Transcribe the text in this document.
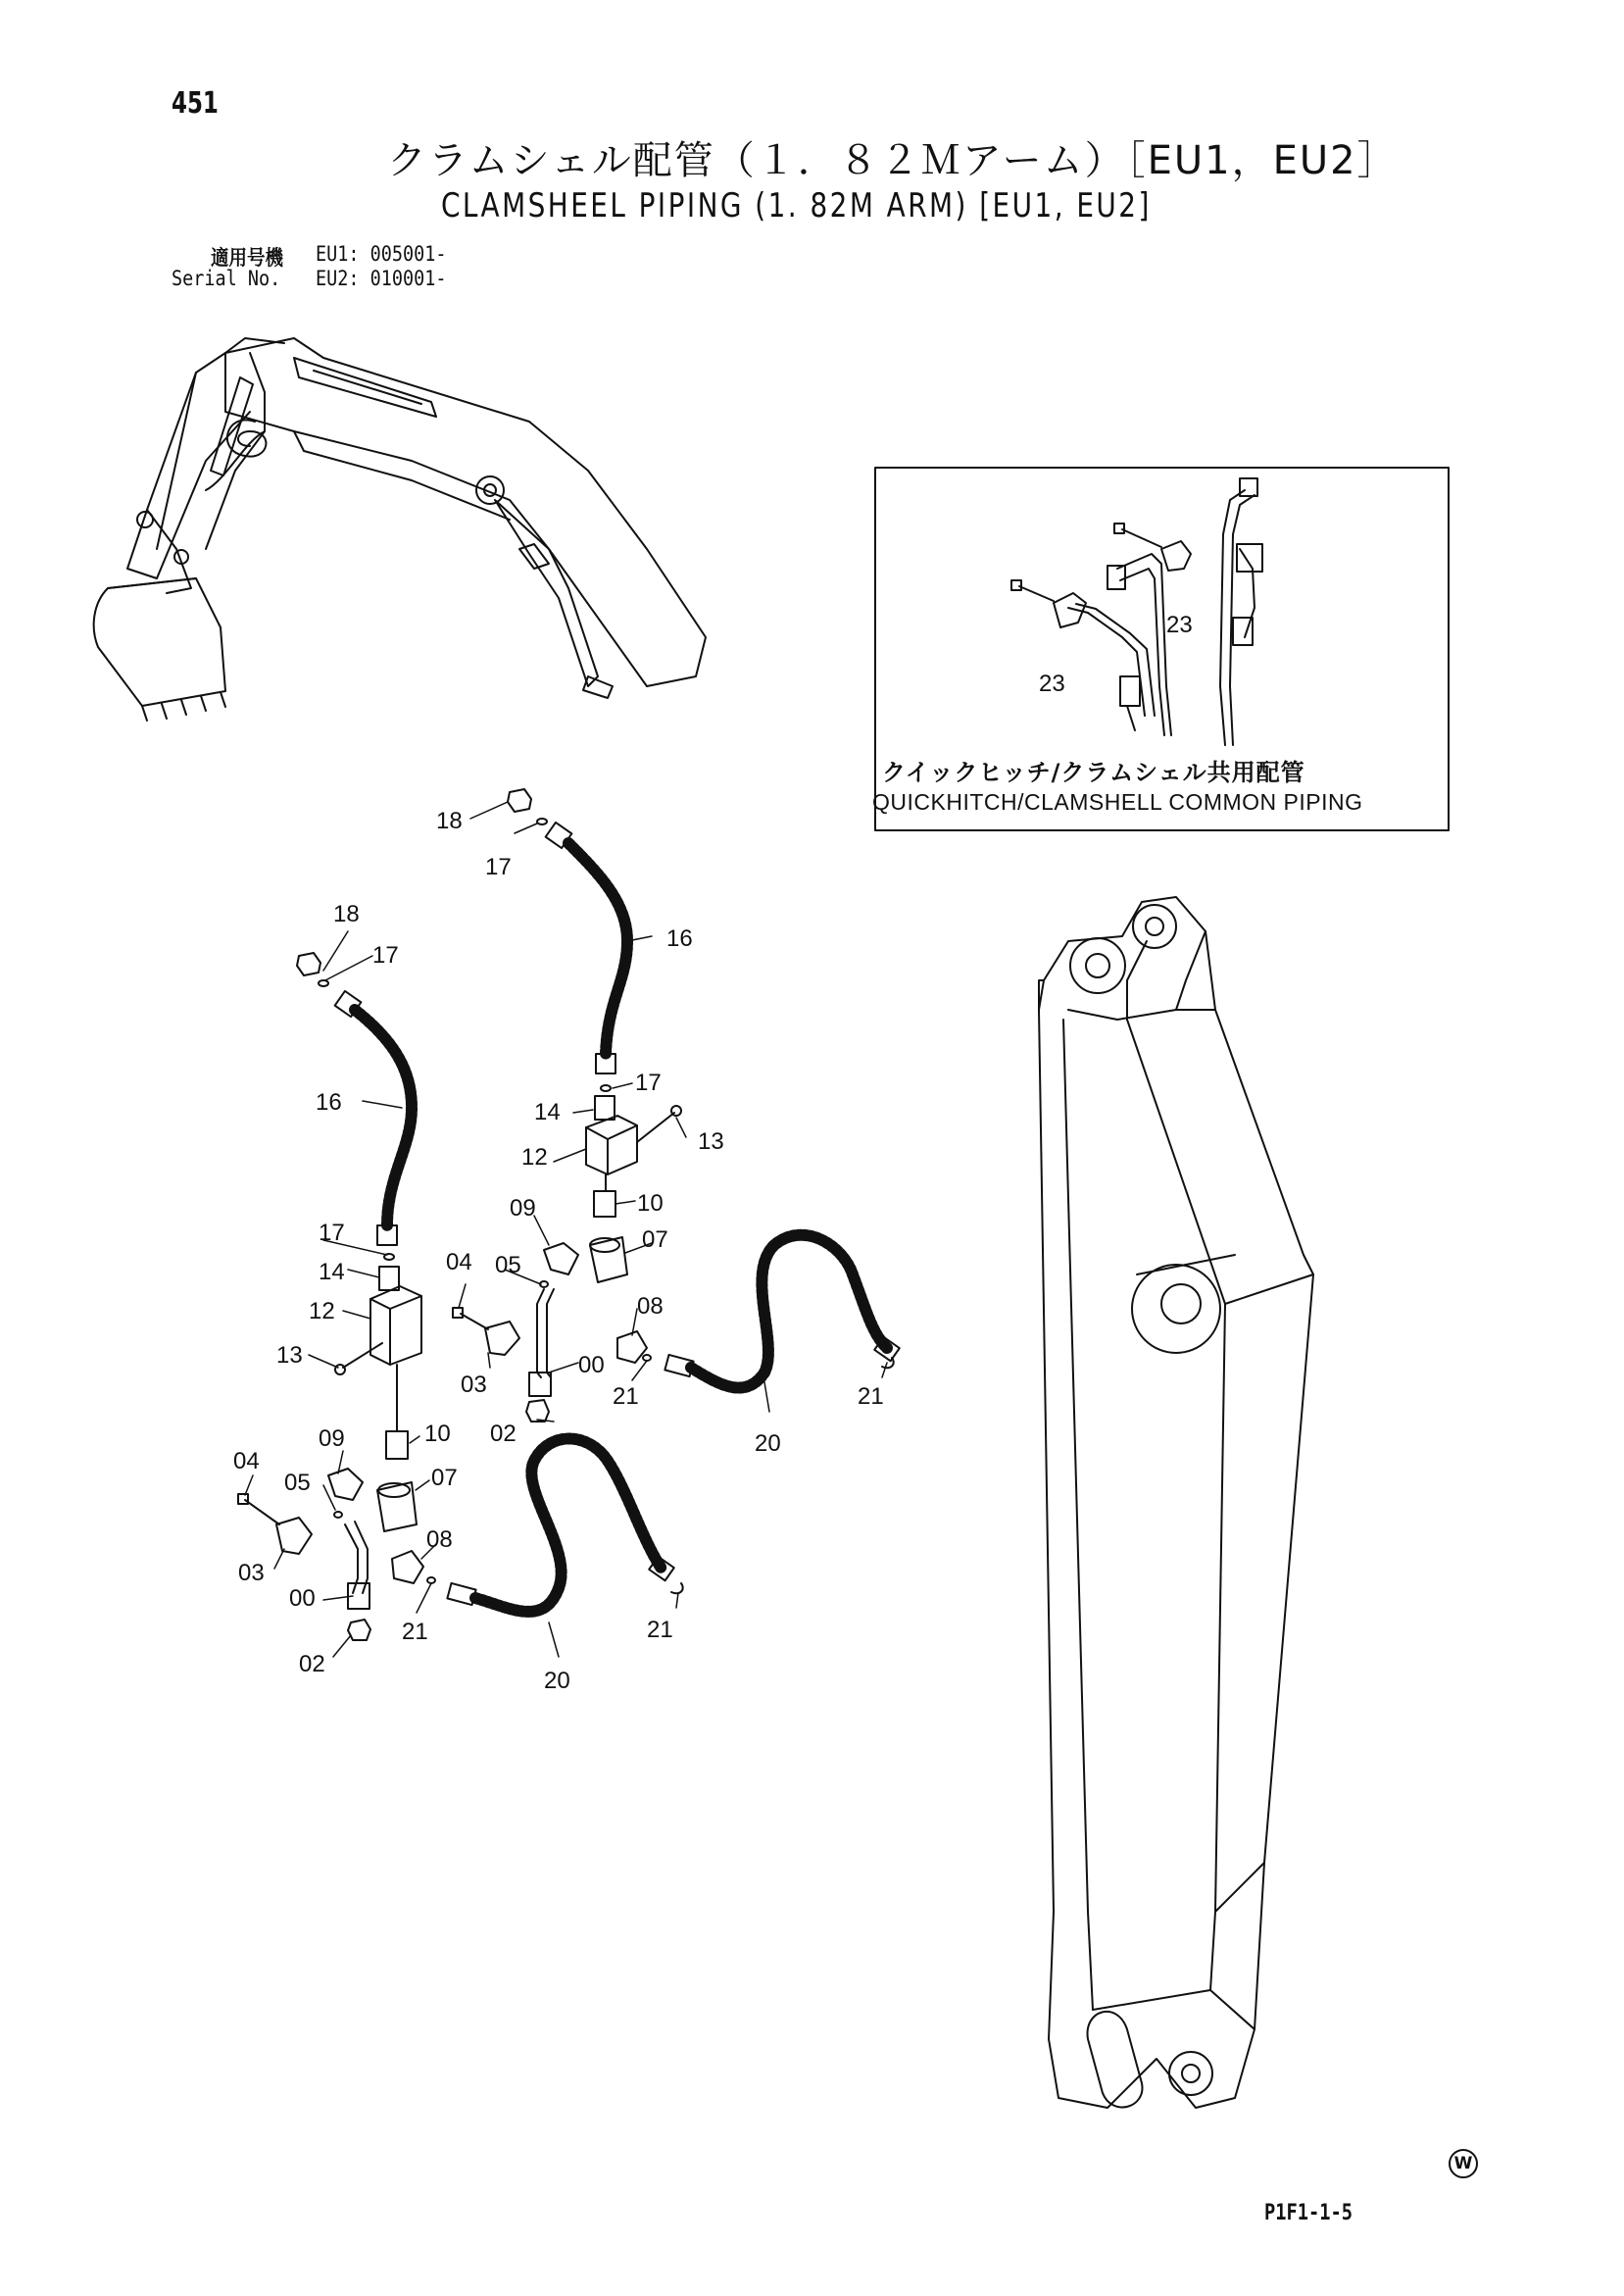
451
クラムシェル配管（１．８２Ｍアーム）［EU1，EU2］
CLAMSHEEL PIPING (1. 82M ARM) [EU1, EU2]
適用号機 EU1: 005001-
Serial No. EU2: 010001-
23
23
18
17
16
18
17
16
17
14
13
12
10
09
07
05
04
08
03
00
21	21
02	20
17
14
12
13
10
09
07
04
05
03
08
00
21	21
02
20
クイックヒッチ/クラムシェル共用配管
QUICKHITCH/CLAMSHELL COMMON PIPING
W
P1F1-1-5
